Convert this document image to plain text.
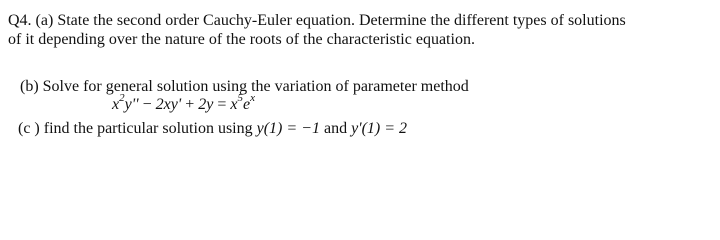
Q4. (a) State the second order Cauchy-Euler equation. Determine the different types of solutions
of it depending over the nature of the roots of the characteristic equation.
(b) Solve for general solution using the variation of parameter method
$x^2y'' - 2xy' + 2y = x^5e^x$
(c ) find the particular solution using y(1) = −1 and y'(1) = 2
